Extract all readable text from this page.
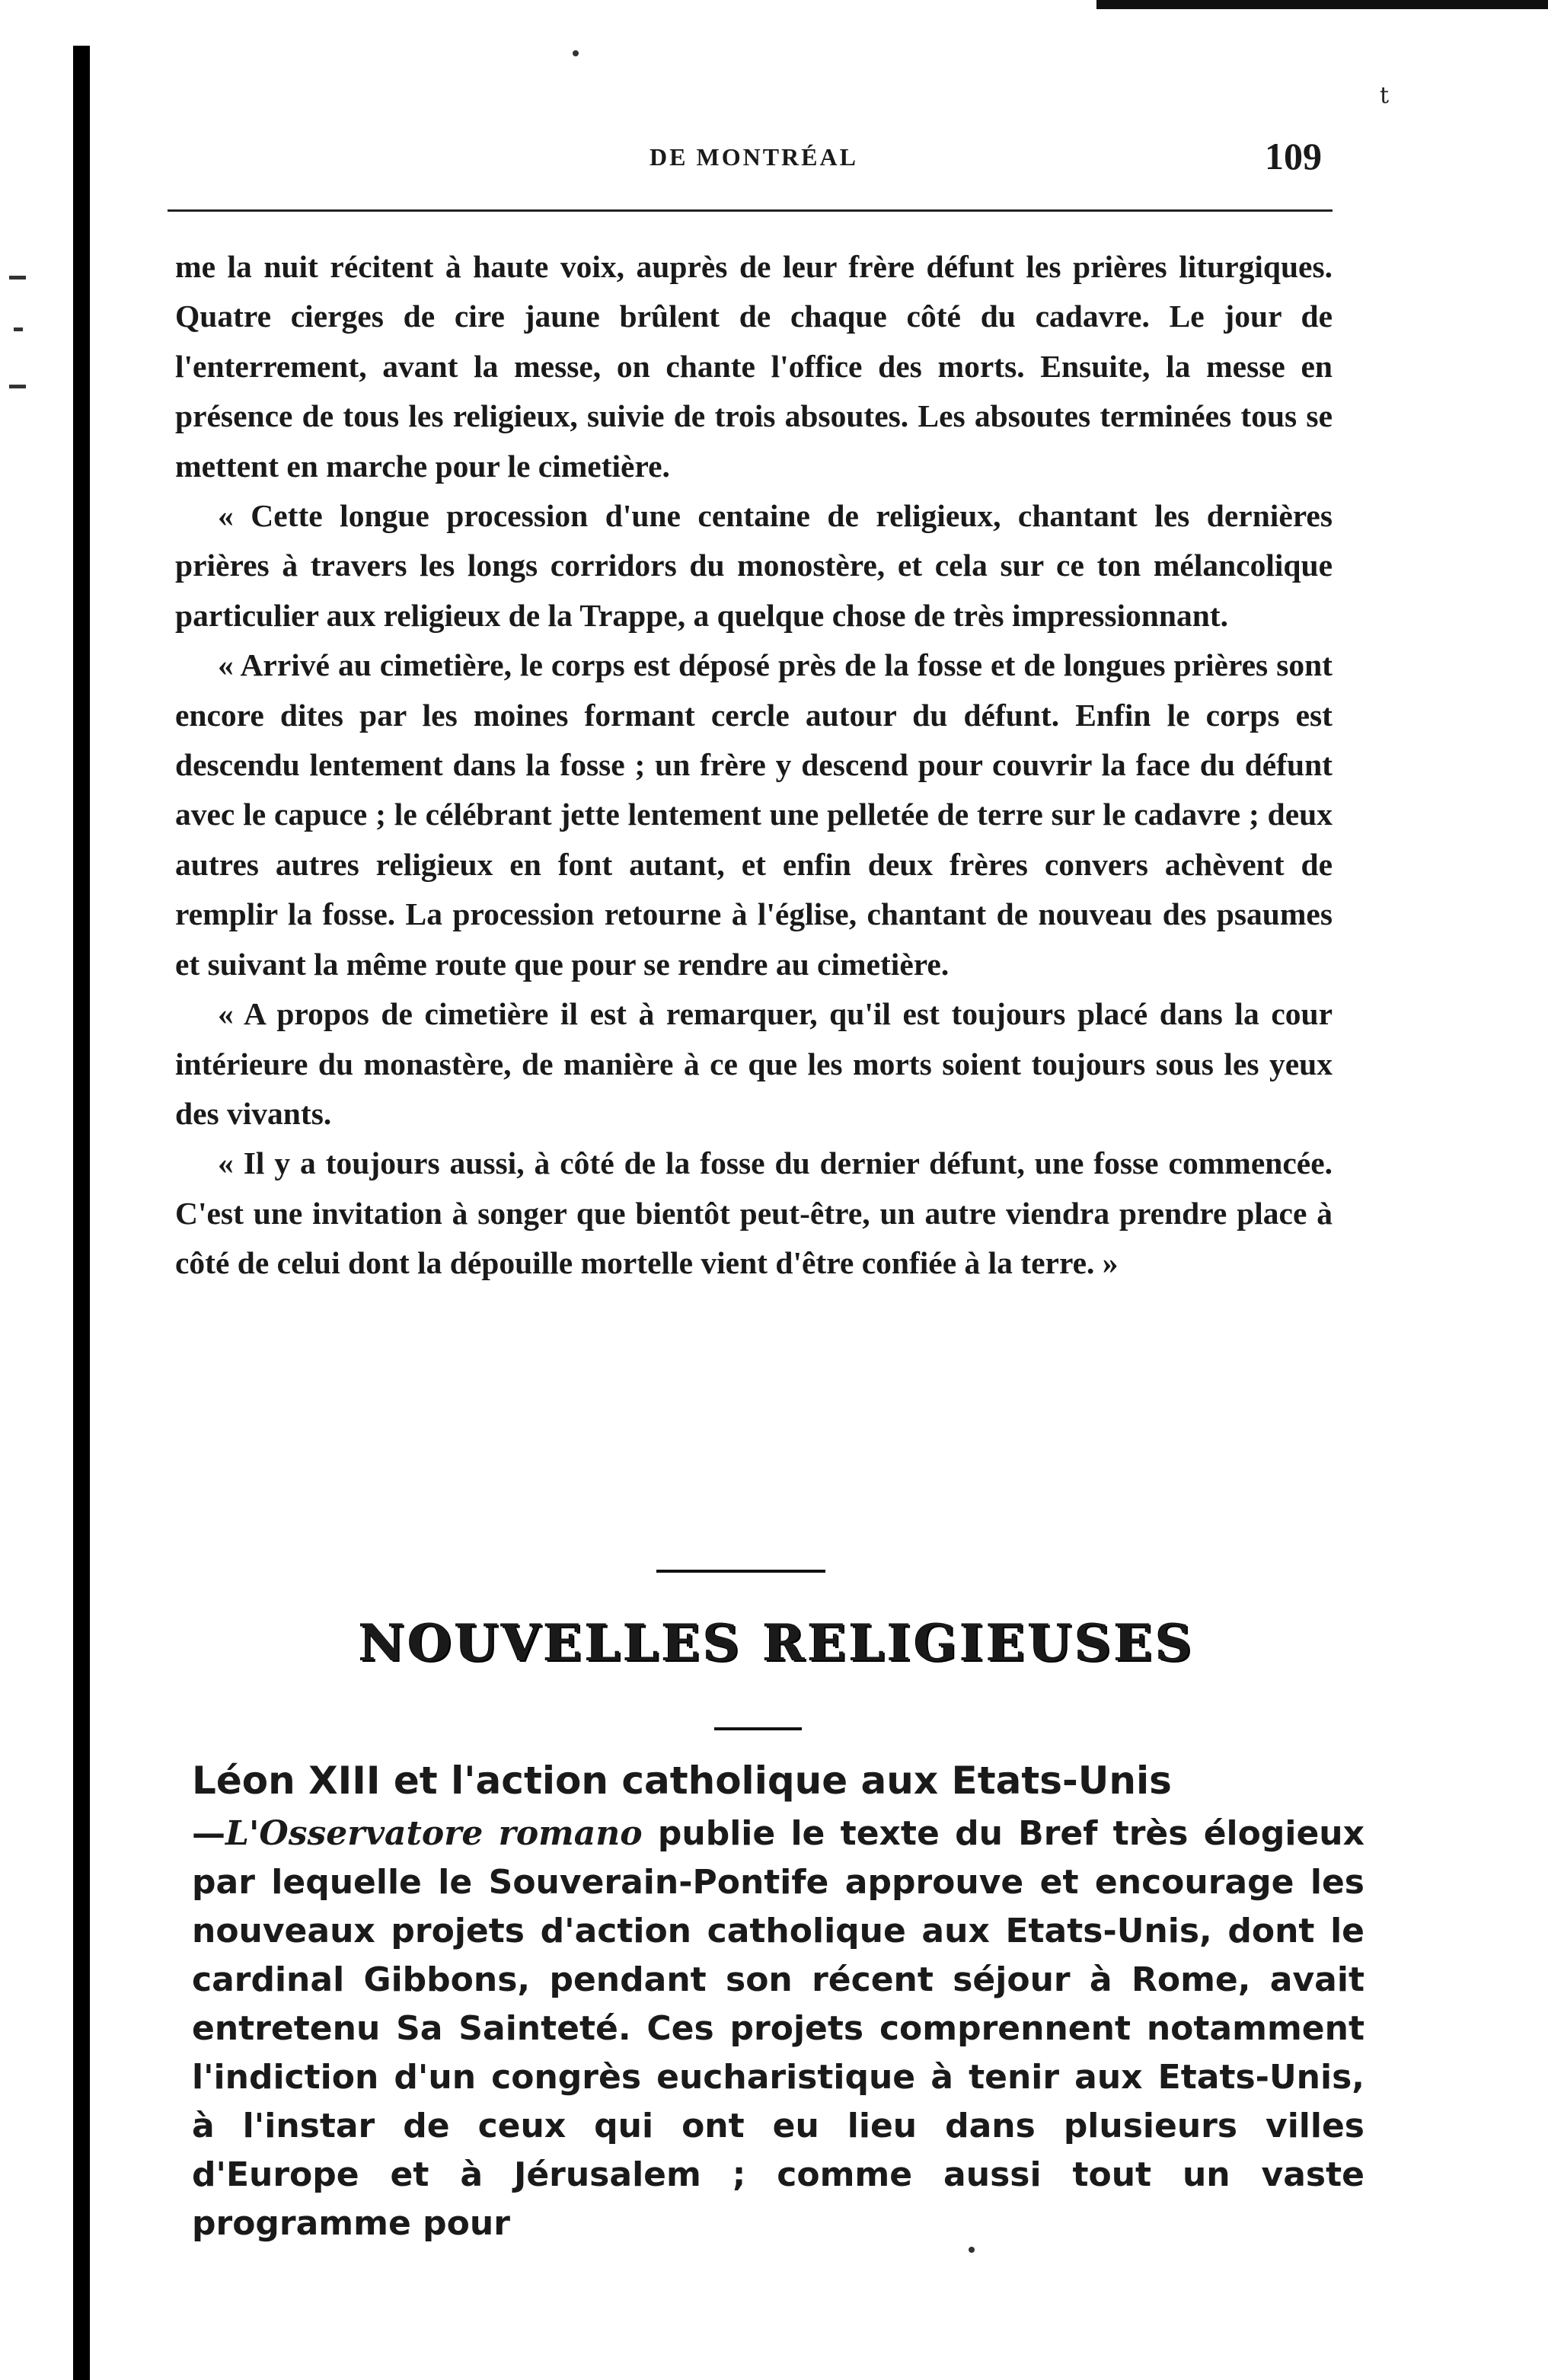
t
DE MONTRÉAL	109

me la nuit récitent à haute voix, auprès de leur frère défunt les prières liturgiques. Quatre cierges de cire jaune brûlent de chaque côté du cadavre. Le jour de l'enterrement, avant la messe, on chante l'office des morts. Ensuite, la messe en présence de tous les religieux, suivie de trois absoutes. Les absoutes terminées tous se mettent en marche pour le cimetière.

« Cette longue procession d'une centaine de religieux, chantant les dernières prières à travers les longs corridors du monostère, et cela sur ce ton mélancolique particulier aux religieux de la Trappe, a quelque chose de très impressionnant.

« Arrivé au cimetière, le corps est déposé près de la fosse et de longues prières sont encore dites par les moines formant cercle autour du défunt. Enfin le corps est descendu lentement dans la fosse ; un frère y descend pour couvrir la face du défunt avec le capuce ; le célébrant jette lentement une pelletée de terre sur le cadavre ; deux autres autres religieux en font autant, et enfin deux frères convers achèvent de remplir la fosse. La procession retourne à l'église, chantant de nouveau des psaumes et suivant la même route que pour se rendre au cimetière.

« A propos de cimetière il est à remarquer, qu'il est toujours placé dans la cour intérieure du monastère, de manière à ce que les morts soient toujours sous les yeux des vivants.

« Il y a toujours aussi, à côté de la fosse du dernier défunt, une fosse commencée. C'est une invitation à songer que bientôt peut-être, un autre viendra prendre place à côté de celui dont la dépouille mortelle vient d'être confiée à la terre. »

NOUVELLES RELIGIEUSES

Léon XIII et l'action catholique aux Etats-Unis

—L'Osservatore romano publie le texte du Bref très élogieux par lequelle le Souverain-Pontife approuve et encourage les nouveaux projets d'action catholique aux Etats-Unis, dont le cardinal Gibbons, pendant son récent séjour à Rome, avait entretenu Sa Sainteté. Ces projets comprennent notamment l'indiction d'un congrès eucharistique à tenir aux Etats-Unis, à l'instar de ceux qui ont eu lieu dans plusieurs villes d'Europe et à Jérusalem ; comme aussi tout un vaste programme pour
